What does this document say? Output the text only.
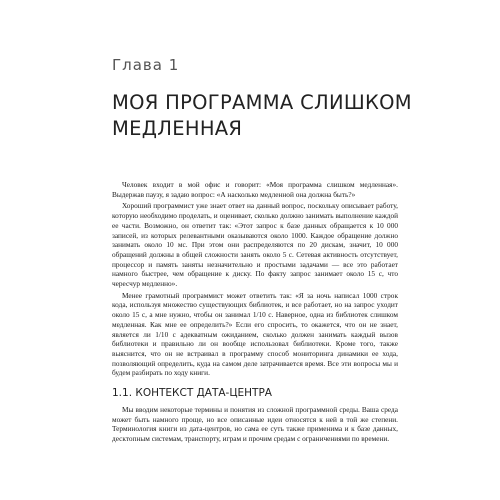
Глава 1

МОЯ ПРОГРАММА СЛИШКОМ МЕДЛЕННАЯ

Человек входит в мой офис и говорит: «Моя программа слишком медленная». Выдержав паузу, я задаю вопрос: «А насколько медленной она должна быть?»

Хороший программист уже знает ответ на данный вопрос, поскольку описывает работу, которую необходимо проделать, и оценивает, сколько должно занимать выполнение каждой ее части. Возможно, он ответит так: «Этот запрос к базе данных обращается к 10 000 записей, из которых релевантными оказываются около 1000. Каждое обращение должно занимать около 10 мс. При этом они распределяются по 20 дискам, значит, 10 000 обращений должны в общей сложности занять около 5 с. Сетевая активность отсутствует, процессор и память заняты незначительно и простыми задачами — все это работает намного быстрее, чем обращение к диску. По факту запрос занимает около 15 с, что чересчур медленно».

Менее грамотный программист может ответить так: «Я за ночь написал 1000 строк кода, используя множество существующих библиотек, и все работает, но на запрос уходит около 15 с, а мне нужно, чтобы он занимал 1/10 с. Наверное, одна из библиотек слишком медленная. Как мне ее определить?» Если его спросить, то окажется, что он не знает, является ли 1/10 с адекватным ожиданием, сколько должен занимать каждый вызов библиотеки и правильно ли он вообще использовал библиотеки. Кроме того, также выяснится, что он не встраивал в программу способ мониторинга динамики ее хода, позволяющий определить, куда на самом деле затрачивается время. Все эти вопросы мы и будем разбирать по ходу книги.

1.1. КОНТЕКСТ ДАТА-ЦЕНТРА

Мы вводим некоторые термины и понятия из сложной программной среды. Ваша среда может быть намного проще, но все описанные идеи относятся к ней в той же степени. Терминология книги из дата-центров, но сама ее суть также применима и к базе данных, десктопным системам, транспорту, играм и прочим средам с ограничениями по времени.
